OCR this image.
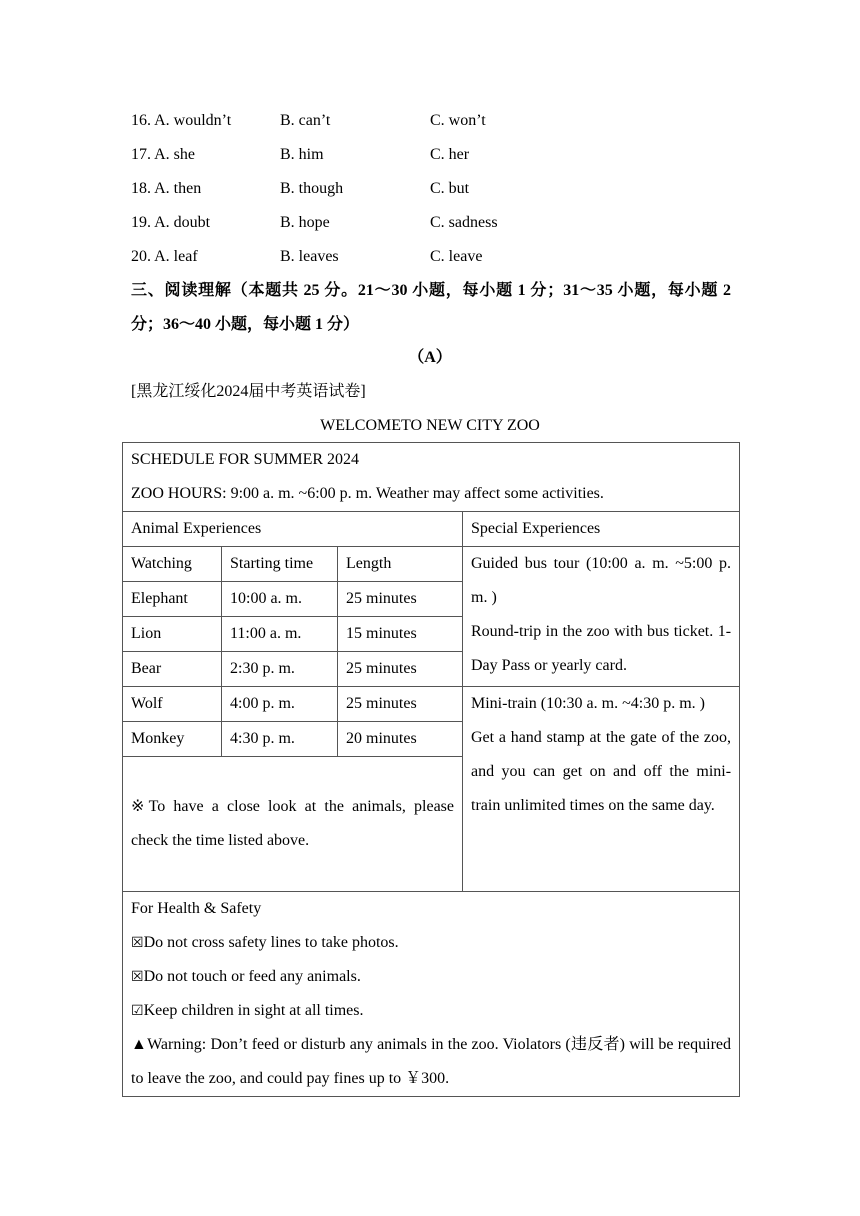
16. A. wouldn’t	B. can’t	C. won’t
17. A. she	B. him	C. her
18. A. then	B. though	C. but
19. A. doubt	B. hope	C. sadness
20. A. leaf	B. leaves	C. leave
三、阅读理解（本题共 25 分。21～30 小题，每小题 1 分；31～35 小题，每小题 2 分；36～40 小题，每小题 1 分）
（A）
[黑龙江绥化2024届中考英语试卷]
WELCOMETO NEW CITY ZOO
SCHEDULE FOR SUMMER 2024
ZOO HOURS: 9:00 a. m. ~6:00 p. m. Weather may affect some activities.			

Animal Experiences			Special Experiences
Watching	Starting time	Length	Guided bus tour (10:00 a. m. ~5:00 p. m. )
Round-trip in the zoo with bus ticket. 1-Day Pass or yearly card.

Elephant	10:00 a. m.	25 minutes	
Lion	11:00 a. m.	15 minutes	
Bear	2:30 p. m.	25 minutes	
Wolf	4:00 p. m.	25 minutes	Mini-train (10:30 a. m. ~4:30 p. m. )
Get a hand stamp at the gate of the zoo, and you can get on and off the mini-train unlimited times on the same day.

Monkey	4:30 p. m.	20 minutes	
※To have a close look at the animals, please check the time listed above.			

For Health & Safety
☒Do not cross safety lines to take photos.
☒Do not touch or feed any animals.
☑Keep children in sight at all times.
▲Warning: Don’t feed or disturb any animals in the zoo. Violators (违反者) will be required to leave the zoo, and could pay fines up to ￥300.			
